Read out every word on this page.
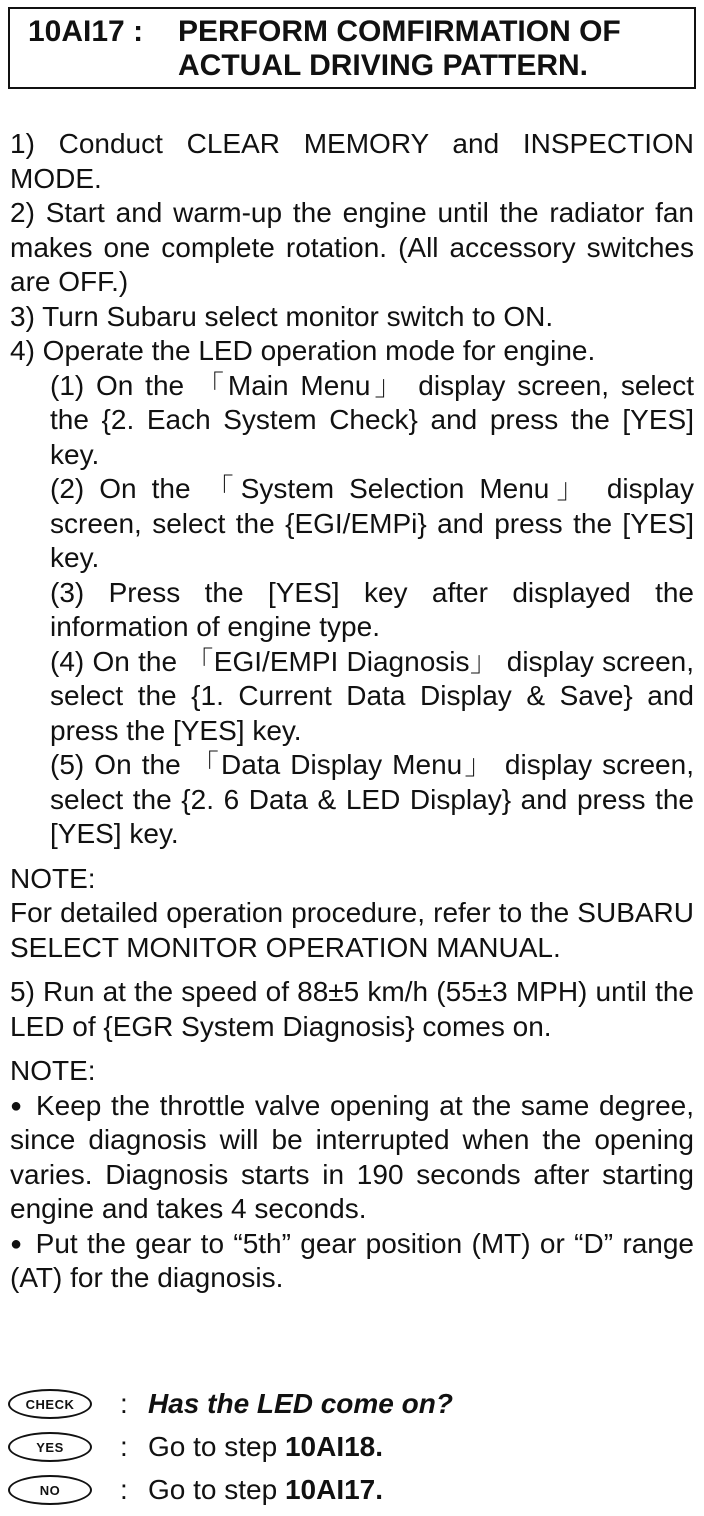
10AI17 : PERFORM COMFIRMATION OF
ACTUAL DRIVING PATTERN.

1) Conduct CLEAR MEMORY and INSPECTION MODE.

2) Start and warm-up the engine until the radiator fan makes one complete rotation. (All accessory switches are OFF.)

3) Turn Subaru select monitor switch to ON.

4) Operate the LED operation mode for engine.

(1) On the 「Main Menu」 display screen, select the {2. Each System Check} and press the [YES] key.

(2) On the 「System Selection Menu」 display screen, select the {EGI/EMPi} and press the [YES] key.

(3) Press the [YES] key after displayed the information of engine type.

(4) On the 「EGI/EMPI Diagnosis」 display screen, select the {1. Current Data Display & Save} and press the [YES] key.

(5) On the 「Data Display Menu」 display screen, select the {2. 6 Data & LED Display} and press the [YES] key.

NOTE:

For detailed operation procedure, refer to the SUBARU SELECT MONITOR OPERATION MANUAL.

5) Run at the speed of 88±5 km/h (55±3 MPH) until the LED of {EGR System Diagnosis} comes on.

NOTE:

● Keep the throttle valve opening at the same degree, since diagnosis will be interrupted when the opening varies. Diagnosis starts in 190 seconds after starting engine and takes 4 seconds.

● Put the gear to “5th” gear position (MT) or “D” range (AT) for the diagnosis.

CHECK	: Has the LED come on?
YES	: Go to step 10AI18.
NO	: Go to step 10AI17.
